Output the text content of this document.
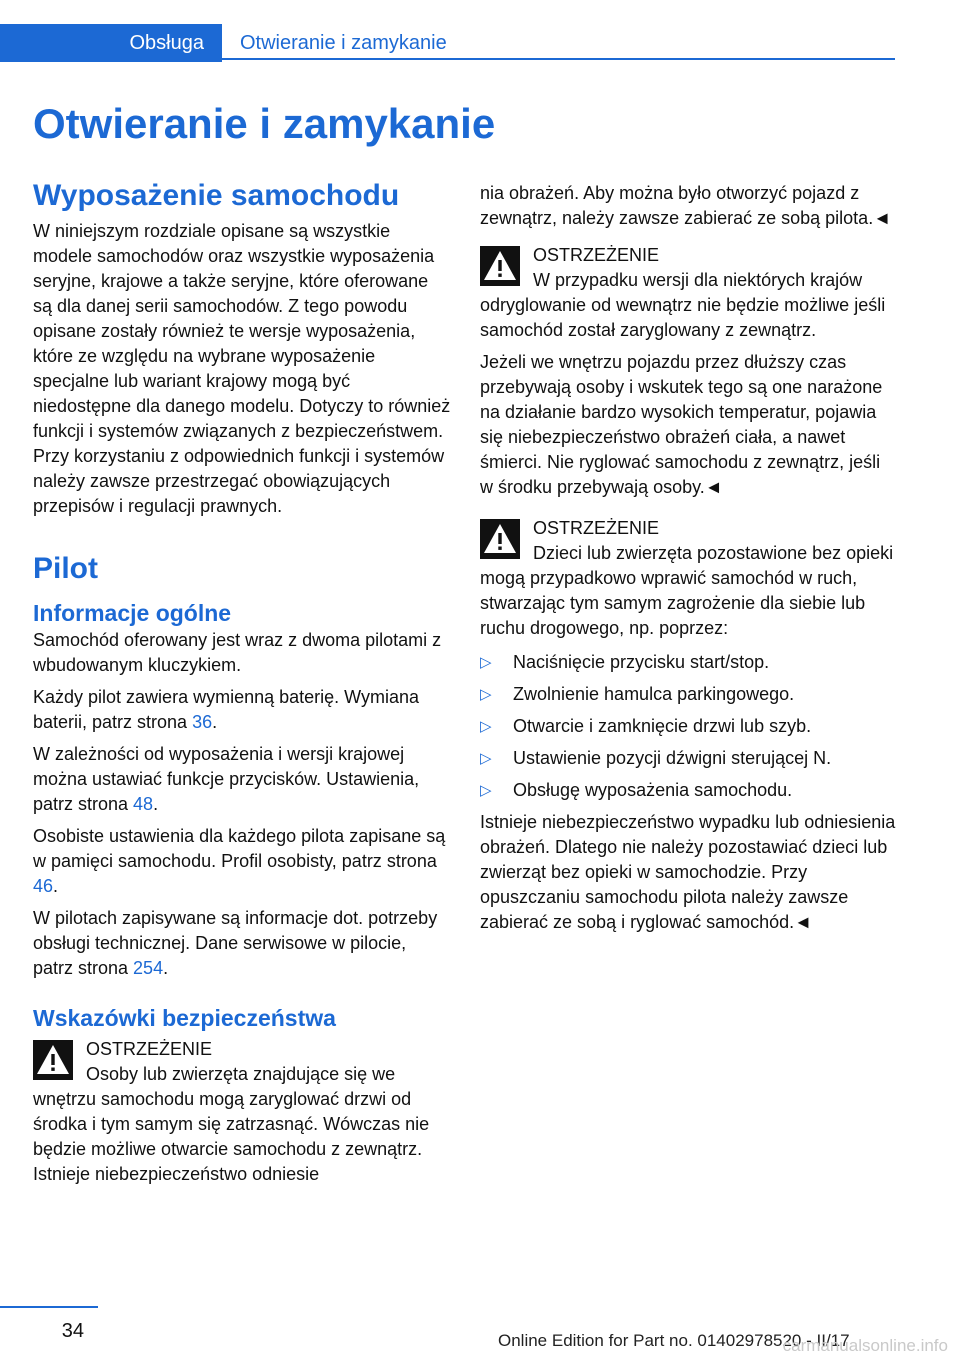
Obsługa Otwieranie i zamykanie
Otwieranie i zamykanie
Wyposażenie samochodu

W niniejszym rozdziale opisane są wszystkie modele samochodów oraz wszystkie wyposażenia seryjne, krajowe a także seryjne, które oferowane są dla danej serii samochodów. Z tego powodu opisane zostały również te wersje wyposażenia, które ze względu na wybrane wyposażenie specjalne lub wariant krajowy mogą być niedostępne dla danego modelu. Dotyczy to również funkcji i systemów związanych z bezpieczeństwem. Przy korzystaniu z odpowiednich funkcji i systemów należy zawsze przestrzegać obowiązujących przepisów i regulacji prawnych.

Pilot
Informacje ogólne

Samochód oferowany jest wraz z dwoma pilotami z wbudowanym kluczykiem.

Każdy pilot zawiera wymienną baterię. Wymiana baterii, patrz strona 36.

W zależności od wyposażenia i wersji krajowej można ustawiać funkcje przycisków. Ustawienia, patrz strona 48.

Osobiste ustawienia dla każdego pilota zapisane są w pamięci samochodu. Profil osobisty, patrz strona 46.

W pilotach zapisywane są informacje dot. potrzeby obsługi technicznej. Dane serwisowe w pilocie, patrz strona 254.

Wskazówki bezpieczeństwa
OSTRZEŻENIE
Osoby lub zwierzęta znajdujące się we wnętrzu samochodu mogą zaryglować drzwi od środka i tym samym się zatrzasnąć. Wówczas nie będzie możliwe otwarcie samochodu z zewnątrz. Istnieje niebezpieczeństwo odniesie

nia obrażeń. Aby można było otworzyć pojazd z zewnątrz, należy zawsze zabierać ze sobą pilota.◄

OSTRZEŻENIE
W przypadku wersji dla niektórych krajów odryglowanie od wewnątrz nie będzie możliwe jeśli samochód został zaryglowany z zewnątrz.

Jeżeli we wnętrzu pojazdu przez dłuższy czas przebywają osoby i wskutek tego są one narażone na działanie bardzo wysokich temperatur, pojawia się niebezpieczeństwo obrażeń ciała, a nawet śmierci. Nie ryglować samochodu z zewnątrz, jeśli w środku przebywają osoby.◄

OSTRZEŻENIE
Dzieci lub zwierzęta pozostawione bez opieki mogą przypadkowo wprawić samochód w ruch, stwarzając tym samym zagrożenie dla siebie lub ruchu drogowego, np. poprzez:
▷ Naciśnięcie przycisku start/stop.
▷ Zwolnienie hamulca parkingowego.
▷ Otwarcie i zamknięcie drzwi lub szyb.
▷ Ustawienie pozycji dźwigni sterującej N.
▷ Obsługę wyposażenia samochodu.

Istnieje niebezpieczeństwo wypadku lub odniesienia obrażeń. Dlatego nie należy pozostawiać dzieci lub zwierząt bez opieki w samochodzie. Przy opuszczaniu samochodu pilota należy zawsze zabierać ze sobą i ryglować samochód.◄

34	Online Edition for Part no. 01402978520 - II/17
carmanualsonline.info
